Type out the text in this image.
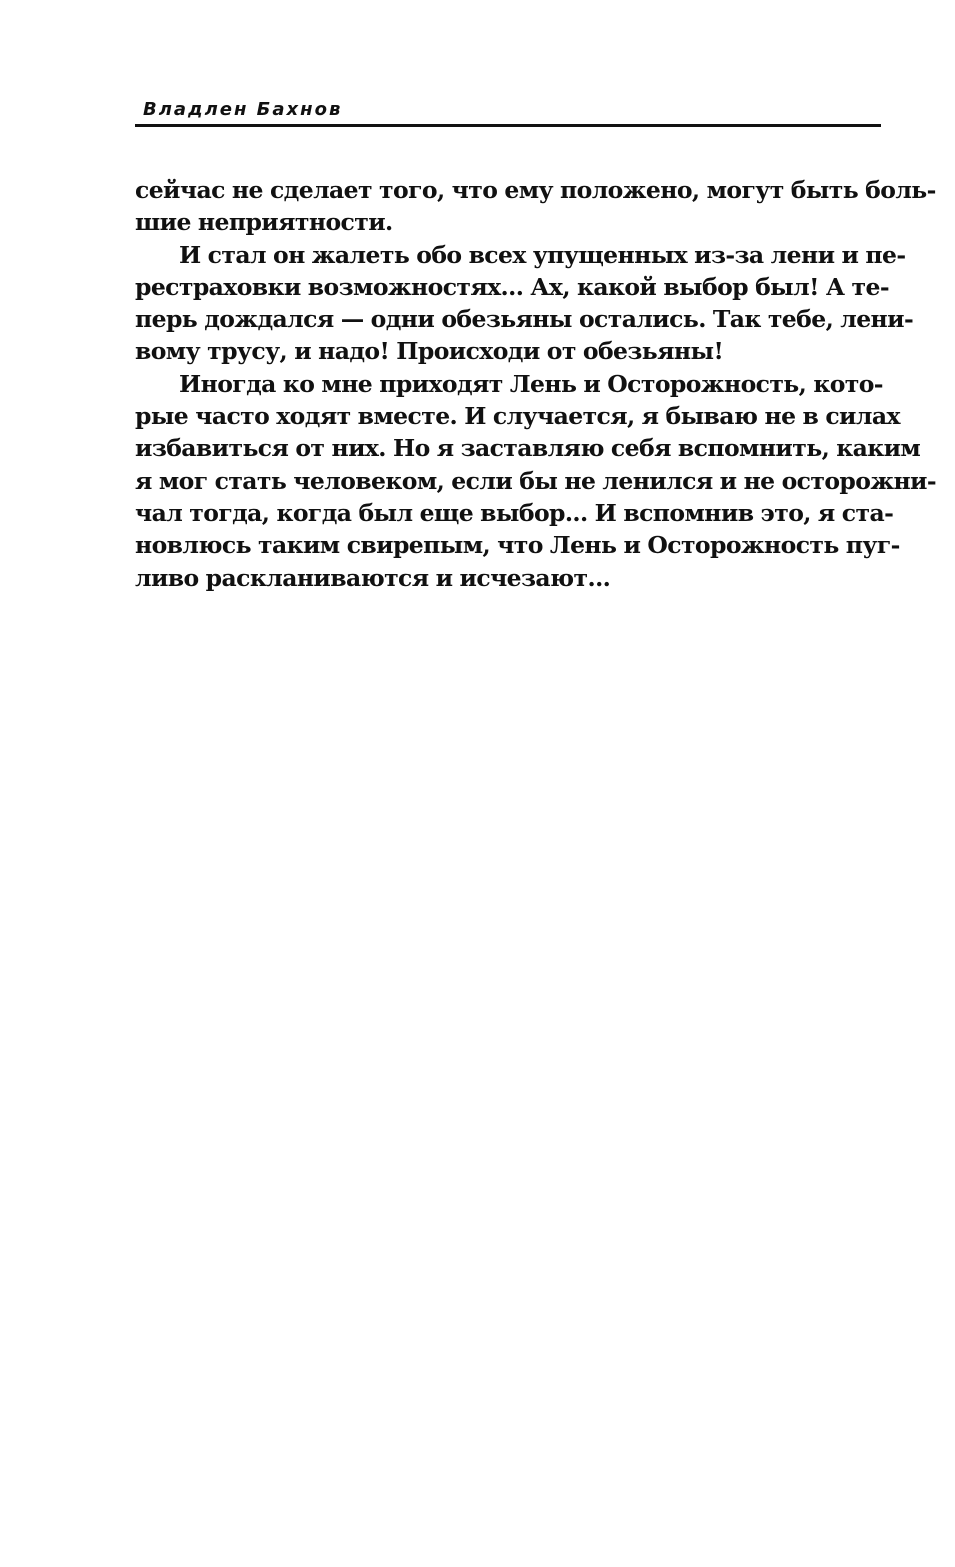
Владлен Бахнов
сейчас не сделает того, что ему положено, могут быть боль-
шие неприятности.
И стал он жалеть обо всех упущенных из-за лени и пе-
рестраховки возможностях... Ах, какой выбор был! А те-
перь дождался — одни обезьяны остались. Так тебе, лени-
вому трусу, и надо! Происходи от обезьяны!
Иногда ко мне приходят Лень и Осторожность, кото-
рые часто ходят вместе. И случается, я бываю не в силах
избавиться от них. Но я заставляю себя вспомнить, каким
я мог стать человеком, если бы не ленился и не осторожни-
чал тогда, когда был еще выбор... И вспомнив это, я ста-
новлюсь таким свирепым, что Лень и Осторожность пуг-
ливо раскланиваются и исчезают...
